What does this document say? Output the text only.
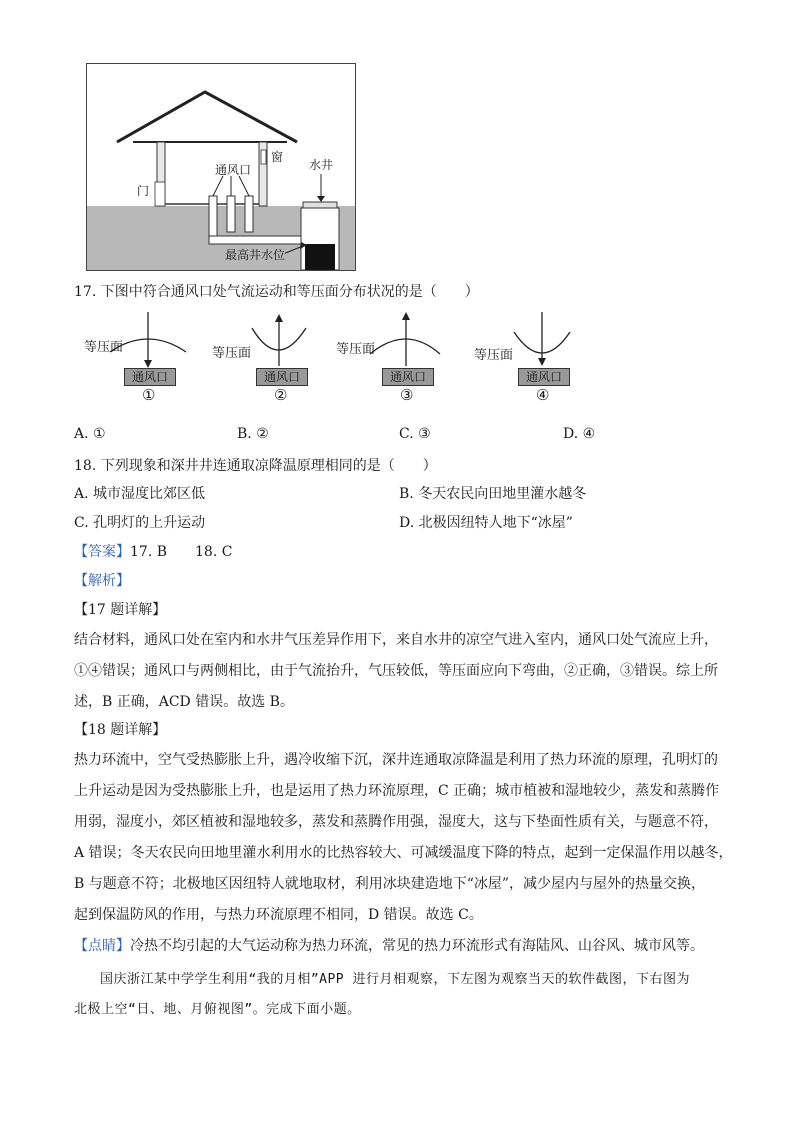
通风口
窗
门
水井
最高井水位
17. 下图中符合通风口处气流运动和等压面分布状况的是（　　）
等压面
通风口
①
等压面
通风口
②
等压面
通风口
③
等压面
通风口
④
A. ①	B. ②	C. ③	D. ④
18. 下列现象和深井井连通取凉降温原理相同的是（　　）
A. 城市湿度比郊区低	B. 冬天农民向田地里灌水越冬
C. 孔明灯的上升运动	D. 北极因纽特人地下“冰屋”
【答案】17. B　　18. C
【解析】
【17 题详解】
结合材料，通风口处在室内和水井气压差异作用下，来自水井的凉空气进入室内，通风口处气流应上升，
①④错误；通风口与两侧相比，由于气流抬升，气压较低，等压面应向下弯曲，②正确，③错误。综上所
述，B 正确，ACD 错误。故选 B。
【18 题详解】
热力环流中，空气受热膨胀上升，遇冷收缩下沉，深井连通取凉降温是利用了热力环流的原理，孔明灯的
上升运动是因为受热膨胀上升，也是运用了热力环流原理，C 正确；城市植被和湿地较少，蒸发和蒸腾作
用弱，湿度小，郊区植被和湿地较多，蒸发和蒸腾作用强，湿度大，这与下垫面性质有关，与题意不符，
A 错误；冬天农民向田地里灌水利用水的比热容较大、可减缓温度下降的特点，起到一定保温作用以越冬，
B 与题意不符；北极地区因纽特人就地取材，利用冰块建造地下“冰屋”，减少屋内与屋外的热量交换，
起到保温防风的作用，与热力环流原理不相同，D 错误。故选 C。
【点睛】冷热不均引起的大气运动称为热力环流，常见的热力环流形式有海陆风、山谷风、城市风等。
国庆浙江某中学学生利用“我的月相”APP 进行月相观察，下左图为观察当天的软件截图，下右图为
北极上空“日、地、月俯视图”。完成下面小题。
